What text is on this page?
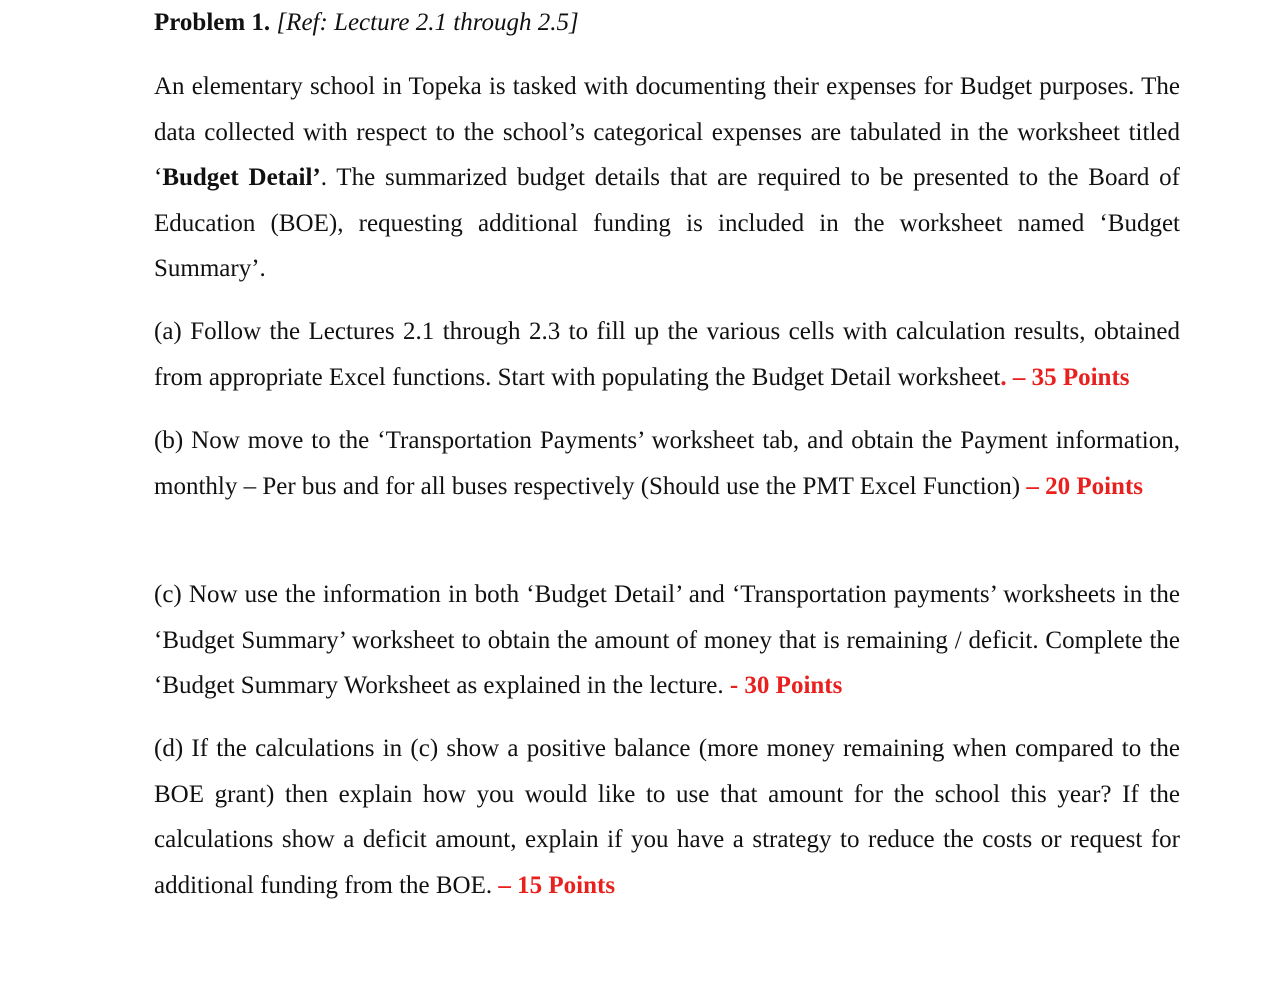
Problem 1. [Ref: Lecture 2.1 through 2.5]

An elementary school in Topeka is tasked with documenting their expenses for Budget purposes. The data collected with respect to the school’s categorical expenses are tabulated in the worksheet titled ‘Budget Detail’. The summarized budget details that are required to be presented to the Board of Education (BOE), requesting additional funding is included in the worksheet named ‘Budget Summary’.

(a) Follow the Lectures 2.1 through 2.3 to fill up the various cells with calculation results, obtained from appropriate Excel functions. Start with populating the Budget Detail worksheet. – 35 Points

(b) Now move to the ‘Transportation Payments’ worksheet tab, and obtain the Payment information, monthly – Per bus and for all buses respectively (Should use the PMT Excel Function) – 20 Points

(c) Now use the information in both ‘Budget Detail’ and ‘Transportation payments’ worksheets in the ‘Budget Summary’ worksheet to obtain the amount of money that is remaining / deficit. Complete the ‘Budget Summary Worksheet as explained in the lecture. - 30 Points

(d) If the calculations in (c) show a positive balance (more money remaining when compared to the BOE grant) then explain how you would like to use that amount for the school this year? If the calculations show a deficit amount, explain if you have a strategy to reduce the costs or request for additional funding from the BOE. – 15 Points
